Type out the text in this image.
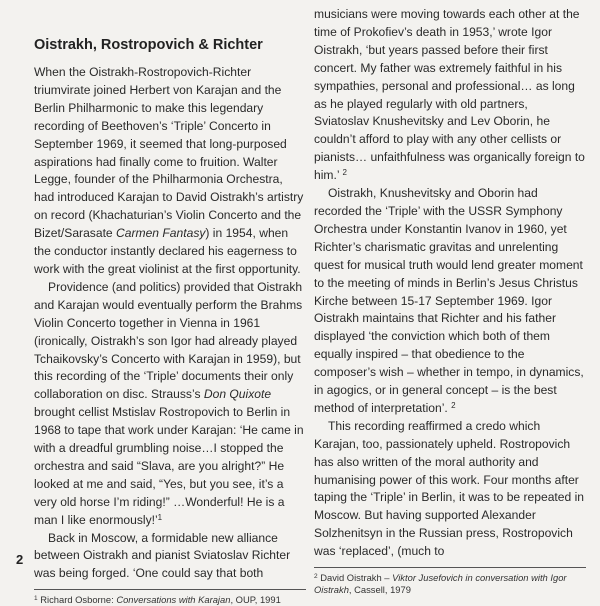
Oistrakh, Rostropovich & Richter

When the Oistrakh-Rostropovich-Richter triumvirate joined Herbert von Karajan and the Berlin Philharmonic to make this legendary recording of Beethoven’s ‘Triple’ Concerto in September 1969, it seemed that long-purposed aspirations had finally come to fruition. Walter Legge, founder of the Philharmonia Orchestra, had introduced Karajan to David Oistrakh’s artistry on record (Khachaturian’s Violin Concerto and the Bizet/Sarasate Carmen Fantasy) in 1954, when the conductor instantly declared his eagerness to work with the great violinist at the first opportunity.

Providence (and politics) provided that Oistrakh and Karajan would eventually perform the Brahms Violin Concerto together in Vienna in 1961 (ironically, Oistrakh’s son Igor had already played Tchaikovsky’s Concerto with Karajan in 1959), but this recording of the ‘Triple’ documents their only collaboration on disc. Strauss’s Don Quixote brought cellist Mstislav Rostropovich to Berlin in 1968 to tape that work under Karajan: ‘He came in with a dreadful grumbling noise…I stopped the orchestra and said “Slava, are you alright?” He looked at me and said, “Yes, but you see, it’s a very old horse I’m riding!” …Wonderful! He is a man I like enormously!’$^1$

Back in Moscow, a formidable new alliance between Oistrakh and pianist Sviatoslav Richter was being forged. ‘One could say that both

$^1$ Richard Osborne: Conversations with Karajan, OUP, 1991

musicians were moving towards each other at the time of Prokofiev’s death in 1953,’ wrote Igor Oistrakh, ‘but years passed before their first concert. My father was extremely faithful in his sympathies, personal and professional… as long as he played regularly with old partners, Sviatoslav Knushevitsky and Lev Oborin, he couldn’t afford to play with any other cellists or pianists… unfaithfulness was organically foreign to him.’ $^2$

Oistrakh, Knushevitsky and Oborin had recorded the ‘Triple’ with the USSR Symphony Orchestra under Konstantin Ivanov in 1960, yet Richter’s charismatic gravitas and unrelenting quest for musical truth would lend greater moment to the meeting of minds in Berlin’s Jesus Christus Kirche between 15-17 September 1969. Igor Oistrakh maintains that Richter and his father displayed ‘the conviction which both of them equally inspired – that obedience to the composer’s wish – whether in tempo, in dynamics, in agogics, or in general concept – is the best method of interpretation’. $^2$

This recording reaffirmed a credo which Karajan, too, passionately upheld. Rostropovich has also written of the moral authority and humanising power of this work. Four months after taping the ‘Triple’ in Berlin, it was to be repeated in Moscow. But having supported Alexander Solzhenitsyn in the Russian press, Rostropovich was ‘replaced’, (much to

$^2$ David Oistrakh – Viktor Jusefovich in conversation with Igor Oistrakh, Cassell, 1979
2
